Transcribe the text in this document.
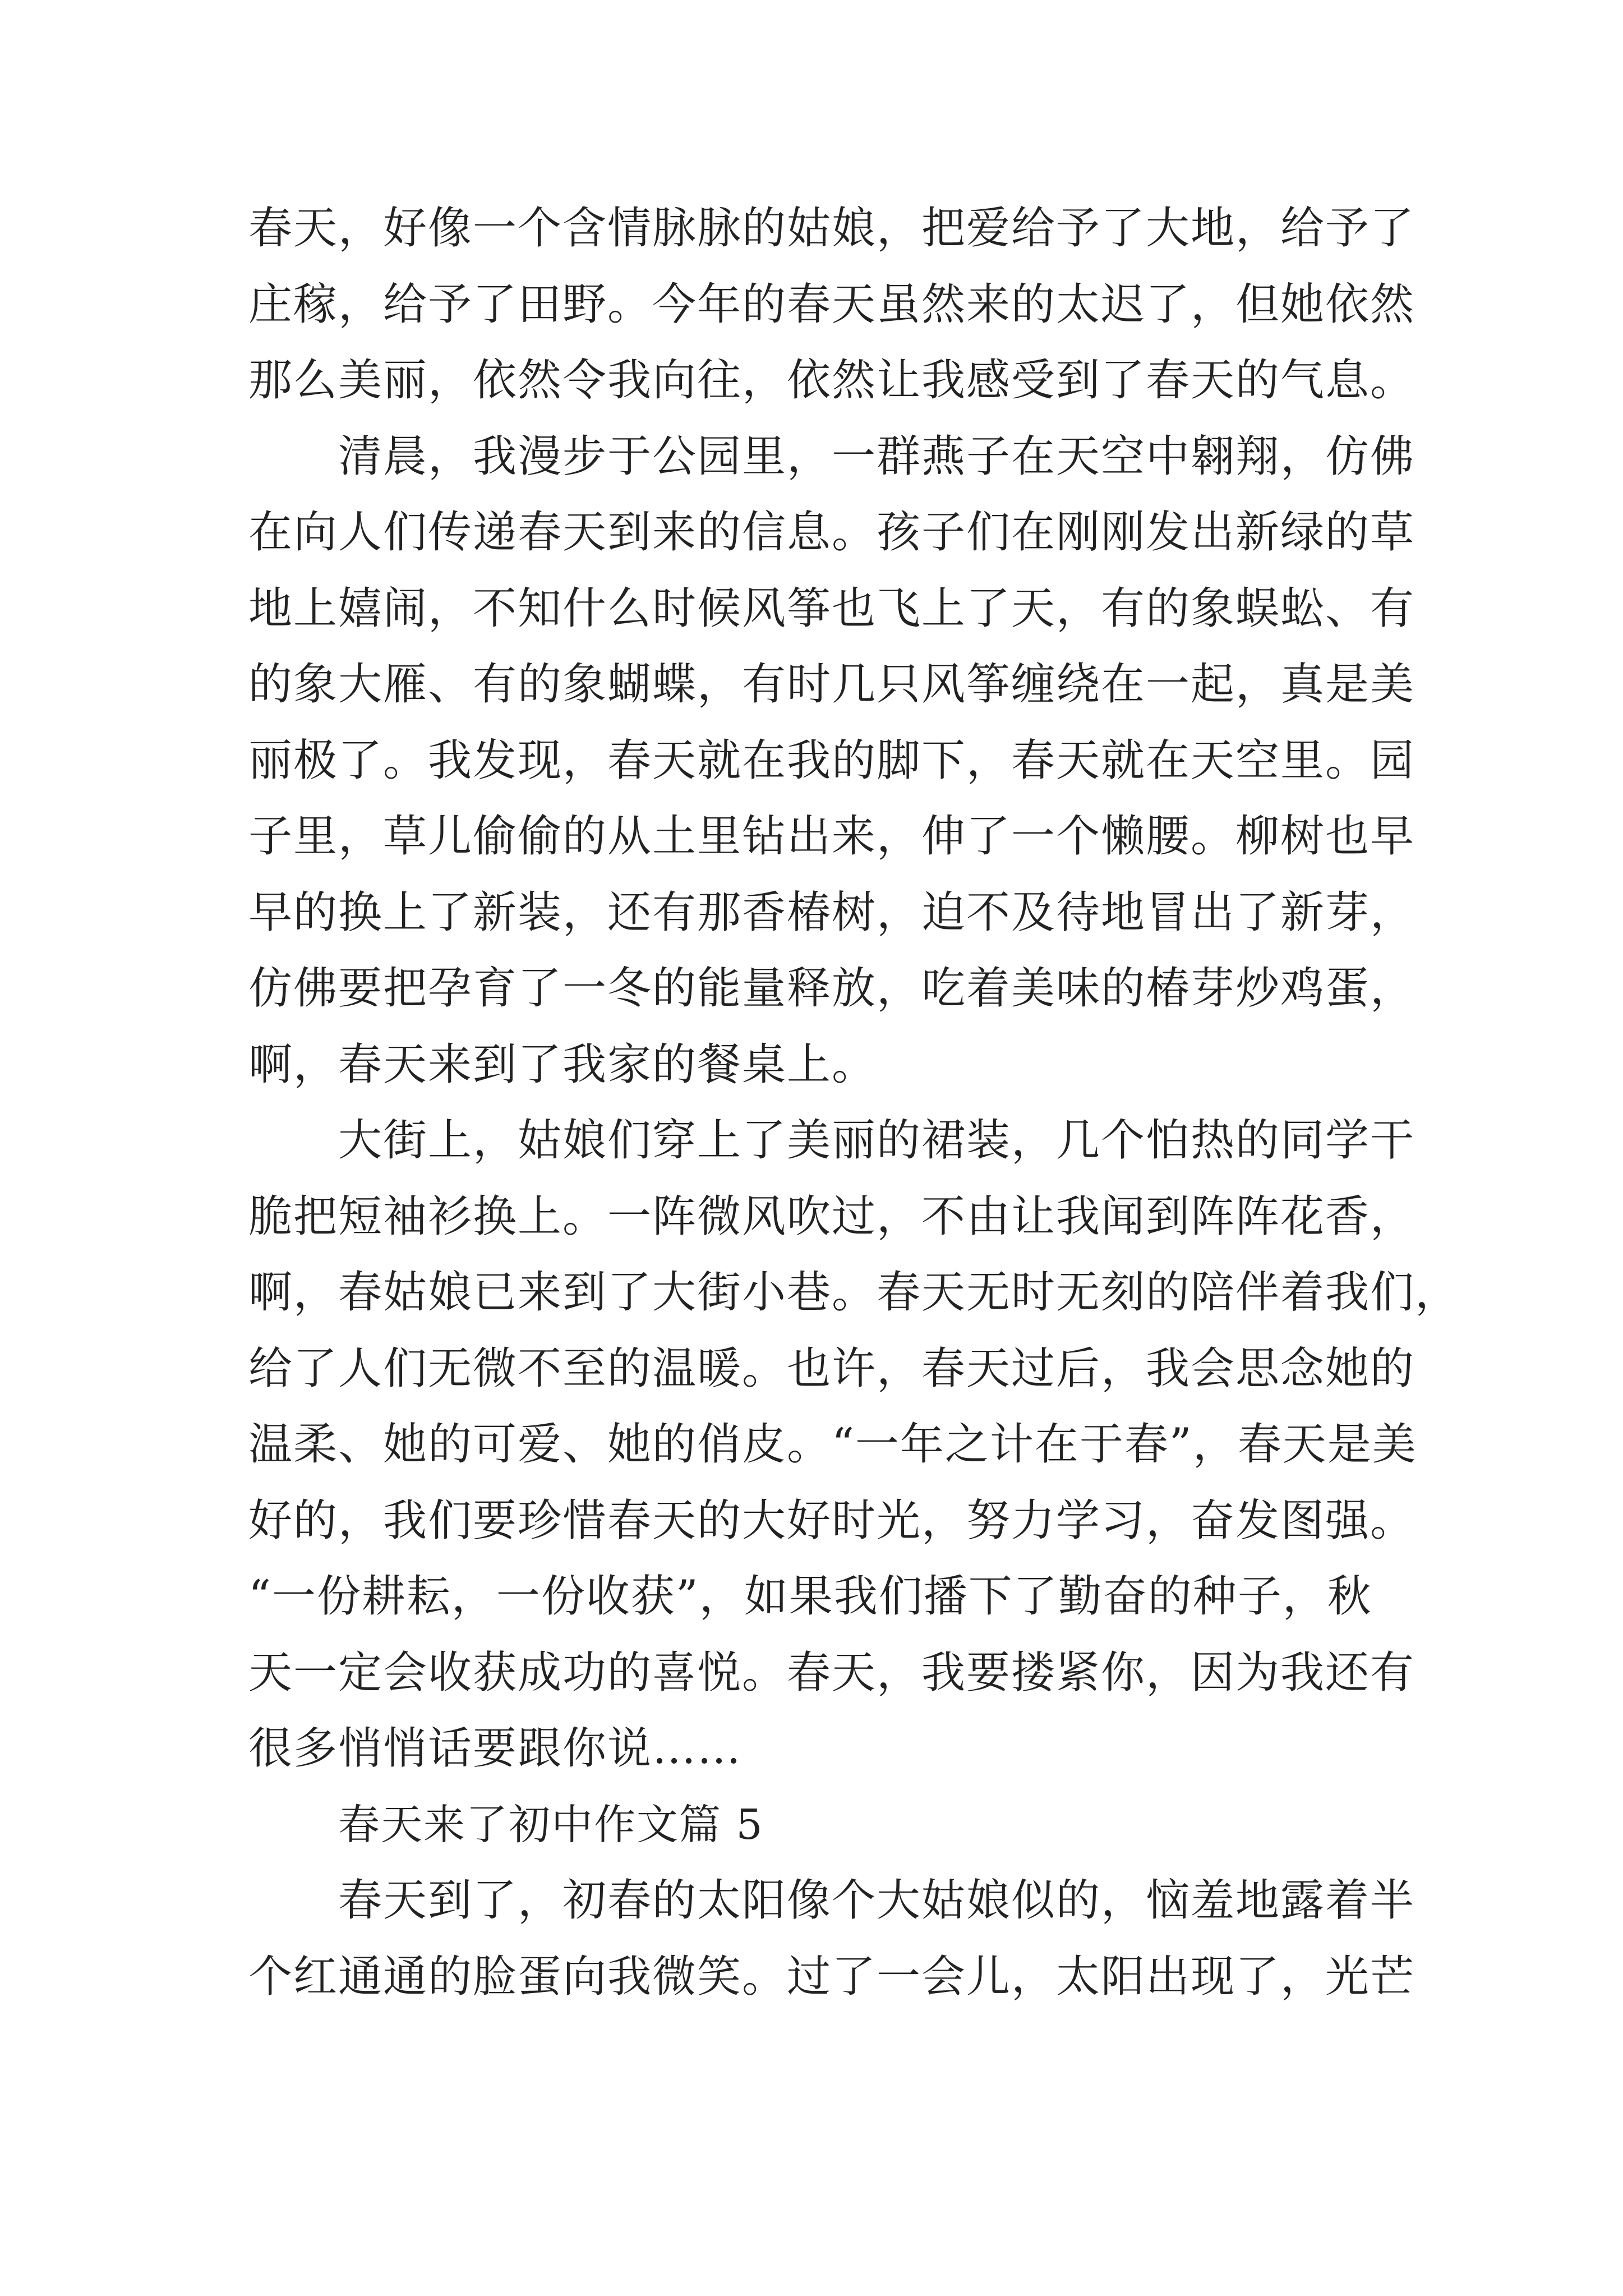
春天，好像一个含情脉脉的姑娘，把爱给予了大地，给予了
庄稼，给予了田野。今年的春天虽然来的太迟了，但她依然
那么美丽，依然令我向往，依然让我感受到了春天的气息。
清晨，我漫步于公园里，一群燕子在天空中翱翔，仿佛
在向人们传递春天到来的信息。孩子们在刚刚发出新绿的草
地上嬉闹，不知什么时候风筝也飞上了天，有的象蜈蚣、有
的象大雁、有的象蝴蝶，有时几只风筝缠绕在一起，真是美
丽极了。我发现，春天就在我的脚下，春天就在天空里。园
子里，草儿偷偷的从土里钻出来，伸了一个懒腰。柳树也早
早的换上了新装，还有那香椿树，迫不及待地冒出了新芽，
仿佛要把孕育了一冬的能量释放，吃着美味的椿芽炒鸡蛋，
啊，春天来到了我家的餐桌上。
大街上，姑娘们穿上了美丽的裙装，几个怕热的同学干
脆把短袖衫换上。一阵微风吹过，不由让我闻到阵阵花香，
啊，春姑娘已来到了大街小巷。春天无时无刻的陪伴着我们，
给了人们无微不至的温暖。也许，春天过后，我会思念她的
温柔、她的可爱、她的俏皮。“一年之计在于春”，春天是美
好的，我们要珍惜春天的大好时光，努力学习，奋发图强。
“一份耕耘，一份收获”，如果我们播下了勤奋的种子，秋
天一定会收获成功的喜悦。春天，我要搂紧你，因为我还有
很多悄悄话要跟你说……
春天来了初中作文篇 5
春天到了，初春的太阳像个大姑娘似的，恼羞地露着半
个红通通的脸蛋向我微笑。过了一会儿，太阳出现了，光芒
